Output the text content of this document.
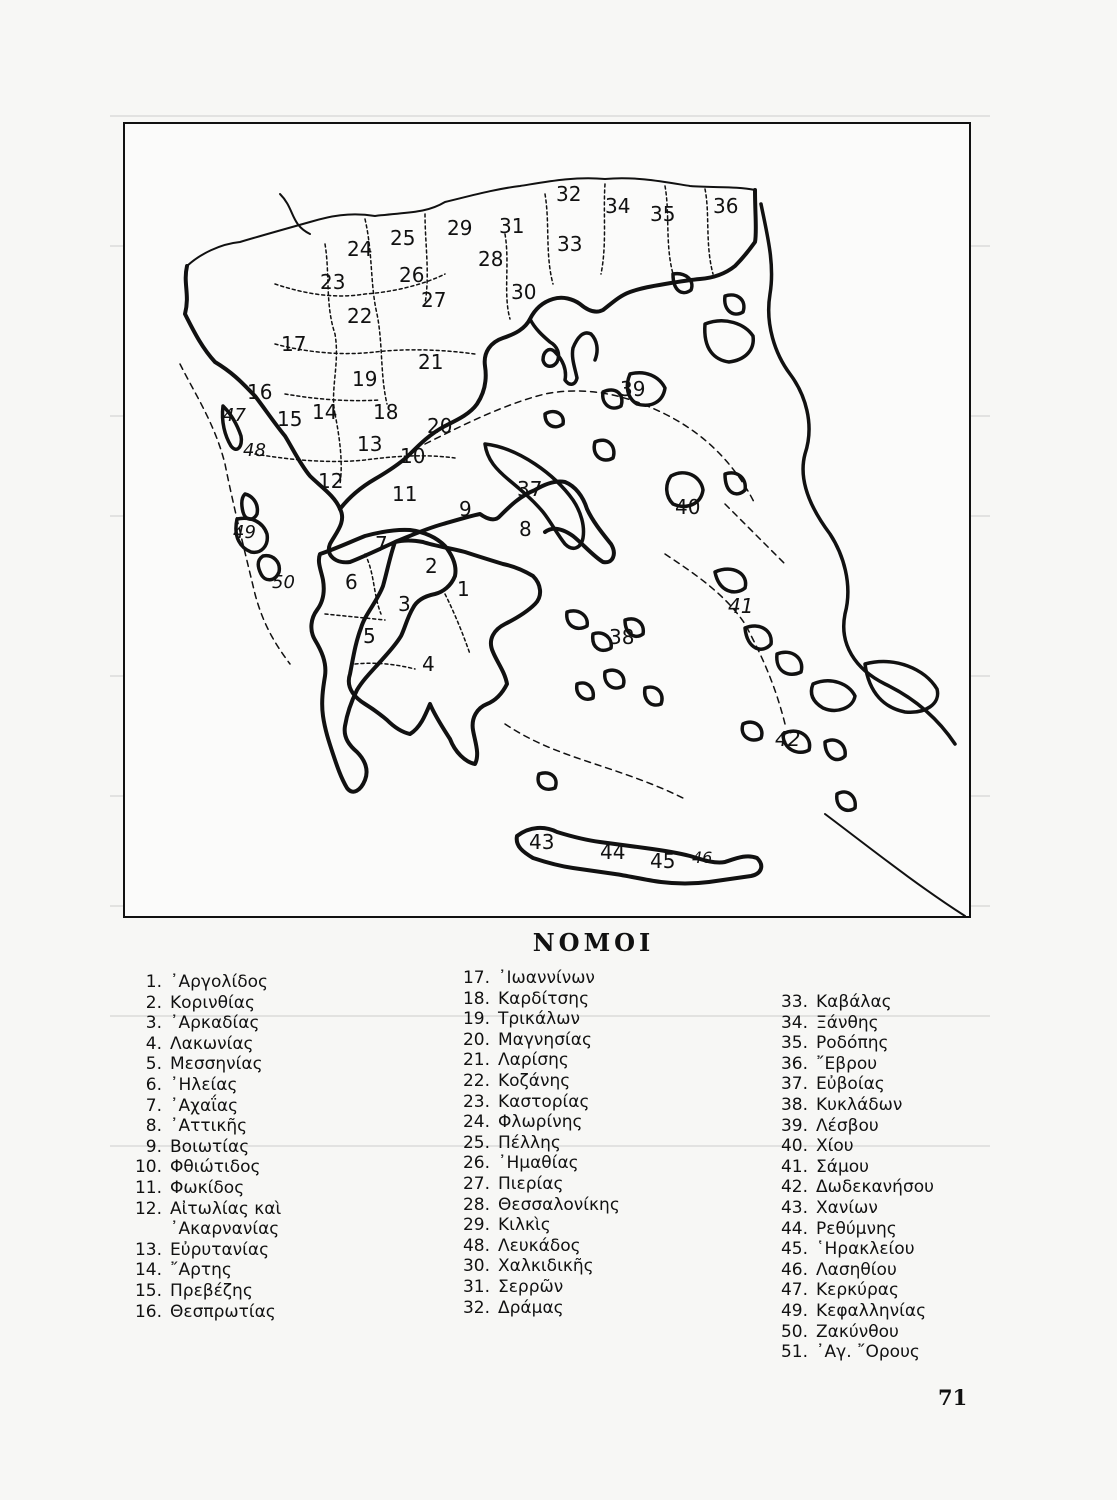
1
2
3
4
5
6
7
8
9
10
11
12
13
14
15
16
17
18
19
20
21
22
23
24 25
26
27
28
29
30
31
32
33
34 35 36
37
38
39
40
41
42
43 44 45 46
47
48
49
50
ΝΟΜΟΙ
1. ᾿Αργολίδος
2. Κορινθίας
3. ᾿Αρκαδίας
4. Λακωνίας
5. Μεσσηνίας
6. ᾿Ηλείας
7. ᾿Αχαΐας
8. ᾿Αττικῆς
9. Βοιωτίας
10. Φθιώτιδος
11. Φωκίδος
12. Αἰτωλίας καὶ
᾿Ακαρνανίας
13. Εὐρυτανίας
14. ῎Αρτης
15. Πρεβέζης
16. Θεσπρωτίας
17. ᾿Ιωαννίνων
18. Καρδίτσης
19. Τρικάλων
20. Μαγνησίας
21. Λαρίσης
22. Κοζάνης
23. Καστορίας
24. Φλωρίνης
25. Πέλλης
26. ᾿Ημαθίας
27. Πιερίας
28. Θεσσαλονίκης
29. Κιλκὶς
48. Λευκάδος
30. Χαλκιδικῆς
31. Σερρῶν
32. Δράμας
33. Καβάλας
34. Ξάνθης
35. Ροδόπης
36. ῎Εβρου
37. Εὐβοίας
38. Κυκλάδων
39. Λέσβου
40. Χίου
41. Σάμου
42. Δωδεκανήσου
43. Χανίων
44. Ρεθύμνης
45. ῾Ηρακλείου
46. Λασηθίου
47. Κερκύρας
49. Κεφαλληνίας
50. Ζακύνθου
51. ᾿Αγ. ῎Ορους
71
